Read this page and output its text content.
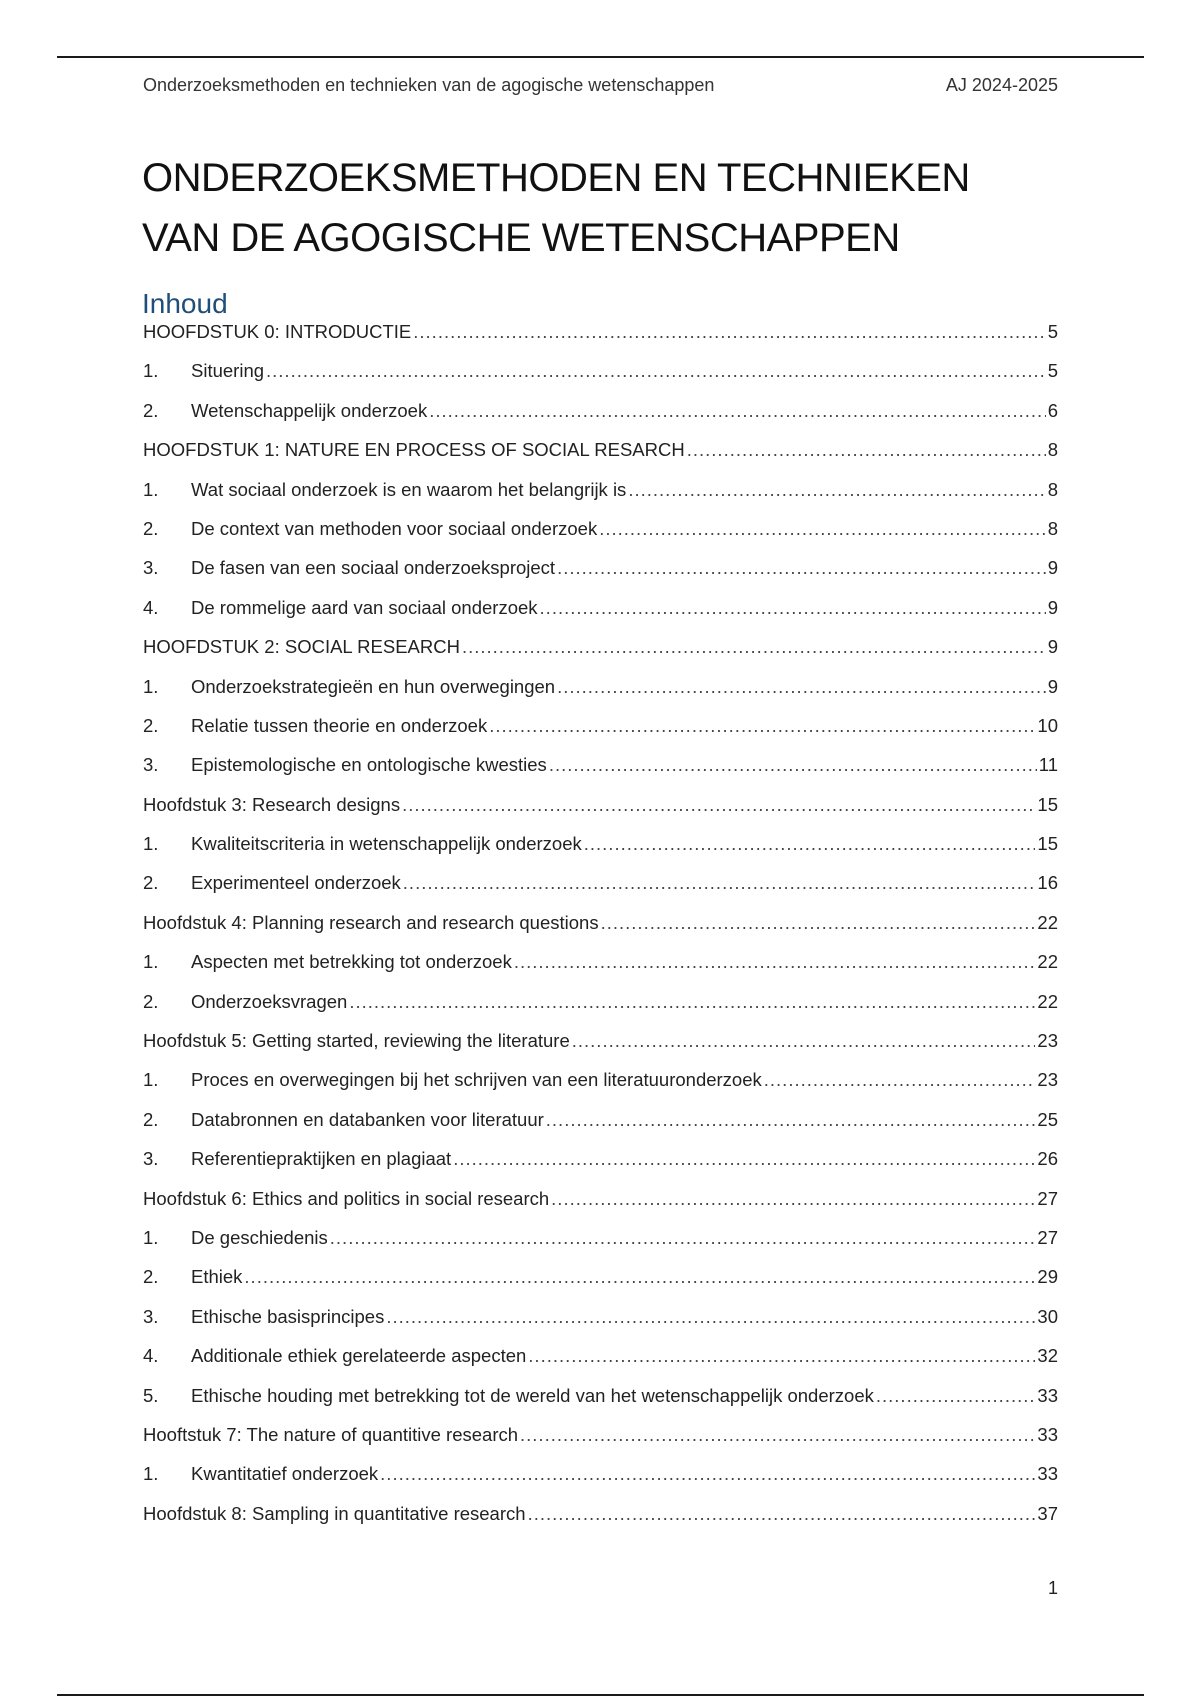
Onderzoeksmethoden en technieken van de agogische wetenschappen	AJ 2024-2025
ONDERZOEKSMETHODEN EN TECHNIEKEN
VAN DE AGOGISCHE WETENSCHAPPEN
Inhoud
HOOFDSTUK 0: INTRODUCTIE .....	5
1.	Situering .....	5
2.	Wetenschappelijk onderzoek .....	6
HOOFDSTUK 1: NATURE EN PROCESS OF SOCIAL RESARCH .....	8
1.	Wat sociaal onderzoek is en waarom het belangrijk is .....	8
2.	De context van methoden voor sociaal onderzoek .....	8
3.	De fasen van een sociaal onderzoeksproject .....	9
4.	De rommelige aard van sociaal onderzoek .....	9
HOOFDSTUK 2: SOCIAL RESEARCH .....	9
1.	Onderzoekstrategieën en hun overwegingen .....	9
2.	Relatie tussen theorie en onderzoek .....	10
3.	Epistemologische en ontologische kwesties .....	11
Hoofdstuk 3: Research designs .....	15
1.	Kwaliteitscriteria in wetenschappelijk onderzoek .....	15
2.	Experimenteel onderzoek .....	16
Hoofdstuk 4: Planning research and research questions .....	22
1.	Aspecten met betrekking tot onderzoek .....	22
2.	Onderzoeksvragen .....	22
Hoofdstuk 5: Getting started, reviewing the literature .....	23
1.	Proces en overwegingen bij het schrijven van een literatuuronderzoek .....	23
2.	Databronnen en databanken voor literatuur .....	25
3.	Referentiepraktijken en plagiaat .....	26
Hoofdstuk 6: Ethics and politics in social research .....	27
1.	De geschiedenis .....	27
2.	Ethiek .....	29
3.	Ethische basisprincipes .....	30
4.	Additionale ethiek gerelateerde aspecten .....	32
5.	Ethische houding met betrekking tot de wereld van het wetenschappelijk onderzoek .....	33
Hooftstuk 7: The nature of quantitive research .....	33
1.	Kwantitatief onderzoek .....	33
Hoofdstuk 8: Sampling in quantitative research .....	37
1
